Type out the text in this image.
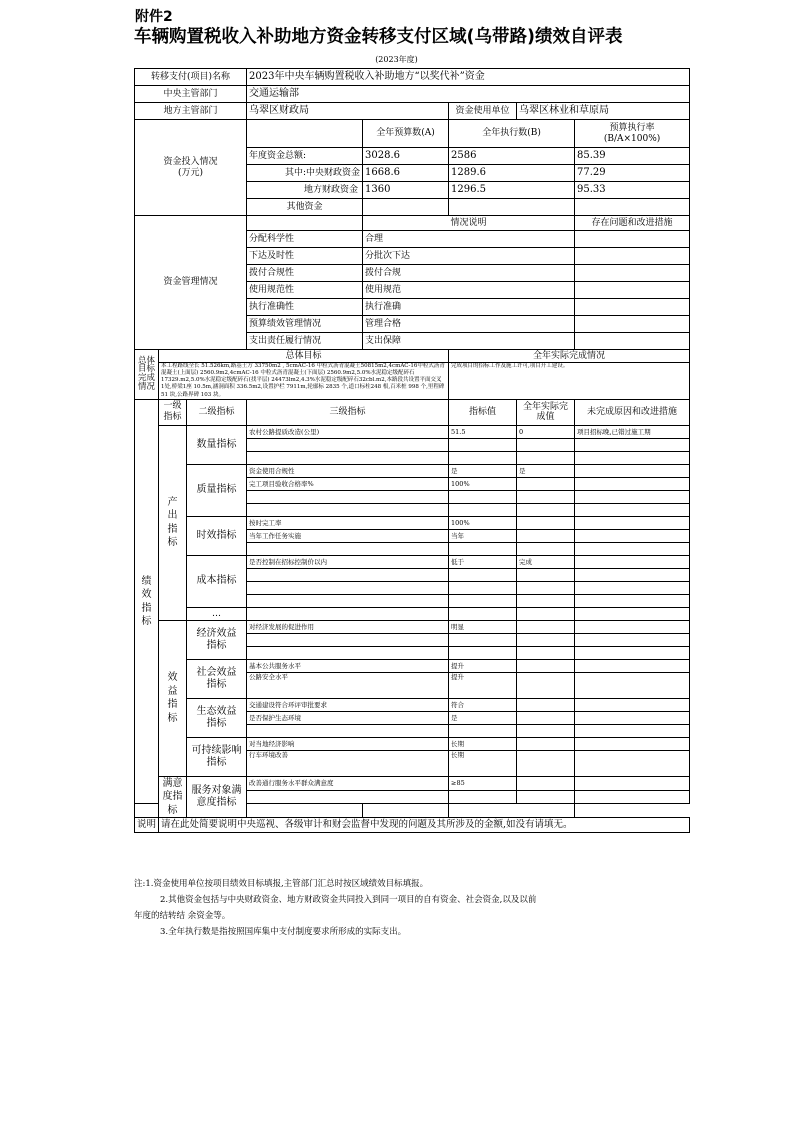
附件2
车辆购置税收入补助地方资金转移支付区域(乌带路)绩效自评表
(2023年度)
转移支付(项目)名称			2023年中央车辆购置税收入补助地方“以奖代补”资金				
中央主管部门			交通运输部				
地方主管部门			乌翠区财政局		资金使用单位	乌翠区林业和草原局	
资金投入情况
(万元)				全年预算数(A)	全年执行数(B)		预算执行率
(B/A×100%)
			年度资金总额:	3028.6	2586		85.39
			其中:中央财政资金	1668.6	1289.6		77.29
			地方财政资金	1360	1296.5		95.33
			其他资金				
资金管理情况				情况说明			存在问题和改进措施
			分配科学性	合理			
			下达及时性	分批次下达			
			拨付合规性	拨付合规			
			使用规范性	使用规范			
			执行准确性	执行准确			
			预算绩效管理情况	管理合格			
			支出责任履行情况	支出保障			
总体目标完成情况	总体目标				全年实际完成情况		
	本工程路线全长 51.526km,路基土方 33750m2 , 5cmAC-16 中粒式沥青混凝土50815m2,4cmAC-16中粒式沥青混凝土(上面层) 2560.9m2,4cmAC-16 中粒式沥青混凝土(下面层) 2560.9m2,5.0%水泥稳定级配碎石 17329.m2,5.0%水泥稳定级配碎石(找平层) 24473lm2,4.3%水泥稳定级配碎石32cbl.m2,本路段共设置平面交叉 1处,桥梁1座 10.5m,涵洞面积 336.5m2,设置护栏 7911m,轮廓标 2835 个,道口标柱248 根,百米桩 998 个,里程碑 51 块,公路界碑 103 块。				完成项目的招标工作及施工许可,项目开工建设。		

绩效指标	一级指标	二级指标	三级指标		指标值	全年实际完成值	未完成原因和改进措施

	产出指标	数量指标	农村公路提质改造(公里)		51.5	0	项目招标晚,已错过施工期

		质量指标	资金使用合规性		是	是	
			完工项目验收合格率%		100%		

		时效指标	按时完工率		100%		
			当年工作任务实施		当年		

		成本指标	是否控制在招标控制价以内		低于	完成	

		…					

	效益指标	经济效益指标	对经济发展的促进作用		明显		

		社会效益指标	基本公共服务水平		提升		
			公路安全水平		提升		

		生态效益指标	交通建设符合环评审批要求		符合		
			是否保护生态环境		是		

		可持续影响指标	对当地经济影响		长期		
			行车环境改善		长期		

	满意度指标	服务对象满意度指标	改善通行服务水平群众满意度		≥85		

说明	请在此处简要说明中央巡视、各级审计和财会监督中发现的问题及其所涉及的金额,如没有请填无。						
注:1.资金使用单位按项目绩效目标填报,主管部门汇总时按区域绩效目标填报。
2.其他资金包括与中央财政资金、地方财政资金共同投入到同一项目的自有资金、社会资金,以及以前
年度的结转结 余资金等。
3.全年执行数是指按照国库集中支付制度要求所形成的实际支出。
